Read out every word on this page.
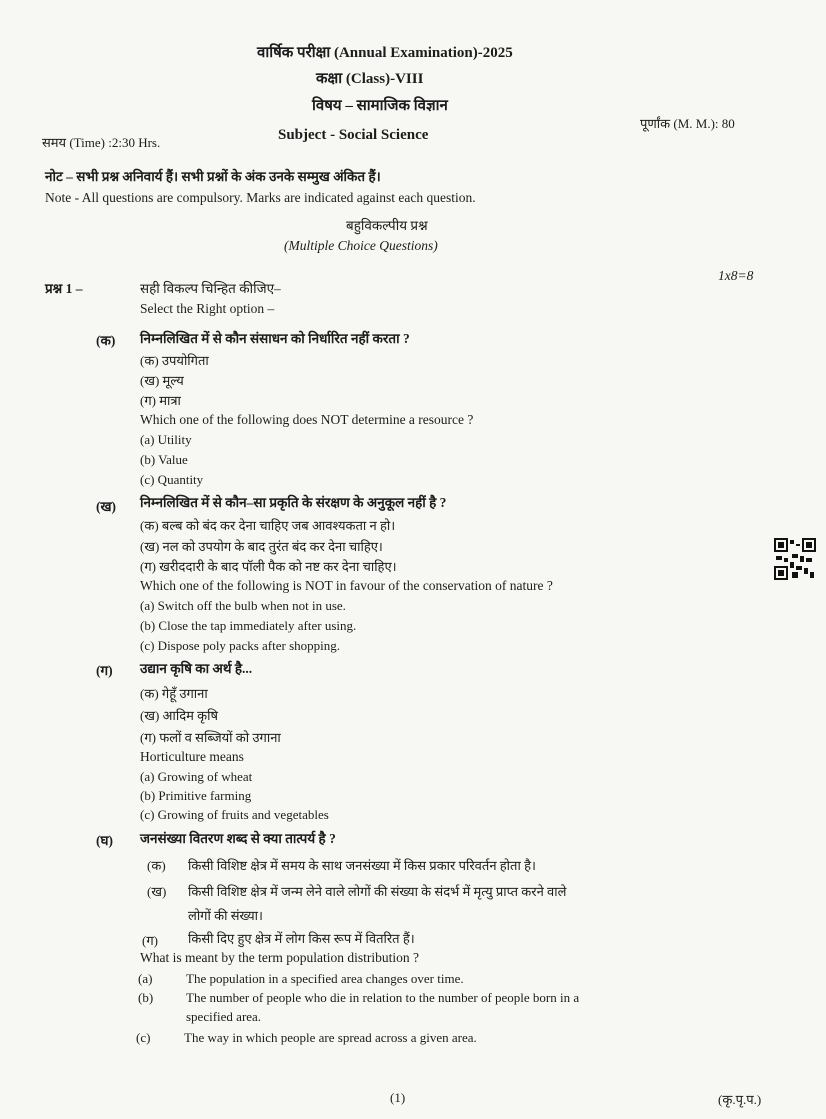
वार्षिक परीक्षा (Annual Examination)-2025
कक्षा (Class)-VIII
विषय – सामाजिक विज्ञान
समय (Time) :2:30 Hrs.	Subject - Social Science
पूर्णांक (M. M.): 80
नोट – सभी प्रश्न अनिवार्य हैं। सभी प्रश्नों के अंक उनके सम्मुख अंकित हैं।
Note - All questions are compulsory. Marks are indicated against each question.
बहुविकल्पीय प्रश्न
(Multiple Choice Questions)
प्रश्न 1 –	सही विकल्प चिन्हित कीजिए–
1x8=8
Select the Right option –
(क) निम्नलिखित में से कौन संसाधन को निर्धारित नहीं करता ?
(क) उपयोगिता
(ख) मूल्य
(ग) मात्रा
Which one of the following does NOT determine a resource ?
(a) Utility
(b) Value
(c) Quantity
(ख) निम्नलिखित में से कौन–सा प्रकृति के संरक्षण के अनुकूल नहीं है ?
(क) बल्ब को बंद कर देना चाहिए जब आवश्यकता न हो।
(ख) नल को उपयोग के बाद तुरंत बंद कर देना चाहिए।
(ग) खरीददारी के बाद पॉली पैक को नष्ट कर देना चाहिए।
Which one of the following is NOT in favour of the conservation of nature ?
(a) Switch off the bulb when not in use.
(b) Close the tap immediately after using.
(c) Dispose poly packs after shopping.
(ग) उद्यान कृषि का अर्थ है...
(क) गेहूँ उगाना
(ख) आदिम कृषि
(ग) फलों व सब्जियों को उगाना
Horticulture means
(a) Growing of wheat
(b) Primitive farming
(c) Growing of fruits and vegetables
(घ) जनसंख्या वितरण शब्द से क्या तात्पर्य है ?
(क) किसी विशिष्ट क्षेत्र में समय के साथ जनसंख्या में किस प्रकार परिवर्तन होता है।
(ख) किसी विशिष्ट क्षेत्र में जन्म लेने वाले लोगों की संख्या के संदर्भ में मृत्यु प्राप्त करने वाले
लोगों की संख्या।
(ग) किसी दिए हुए क्षेत्र में लोग किस रूप में वितरित हैं।
What is meant by the term population distribution ?
(a)	The population in a specified area changes over time.
(b)	The number of people who die in relation to the number of people born in a
specified area.
(c)	The way in which people are spread across a given area.
(1)	(कृ.पृ.प.)
